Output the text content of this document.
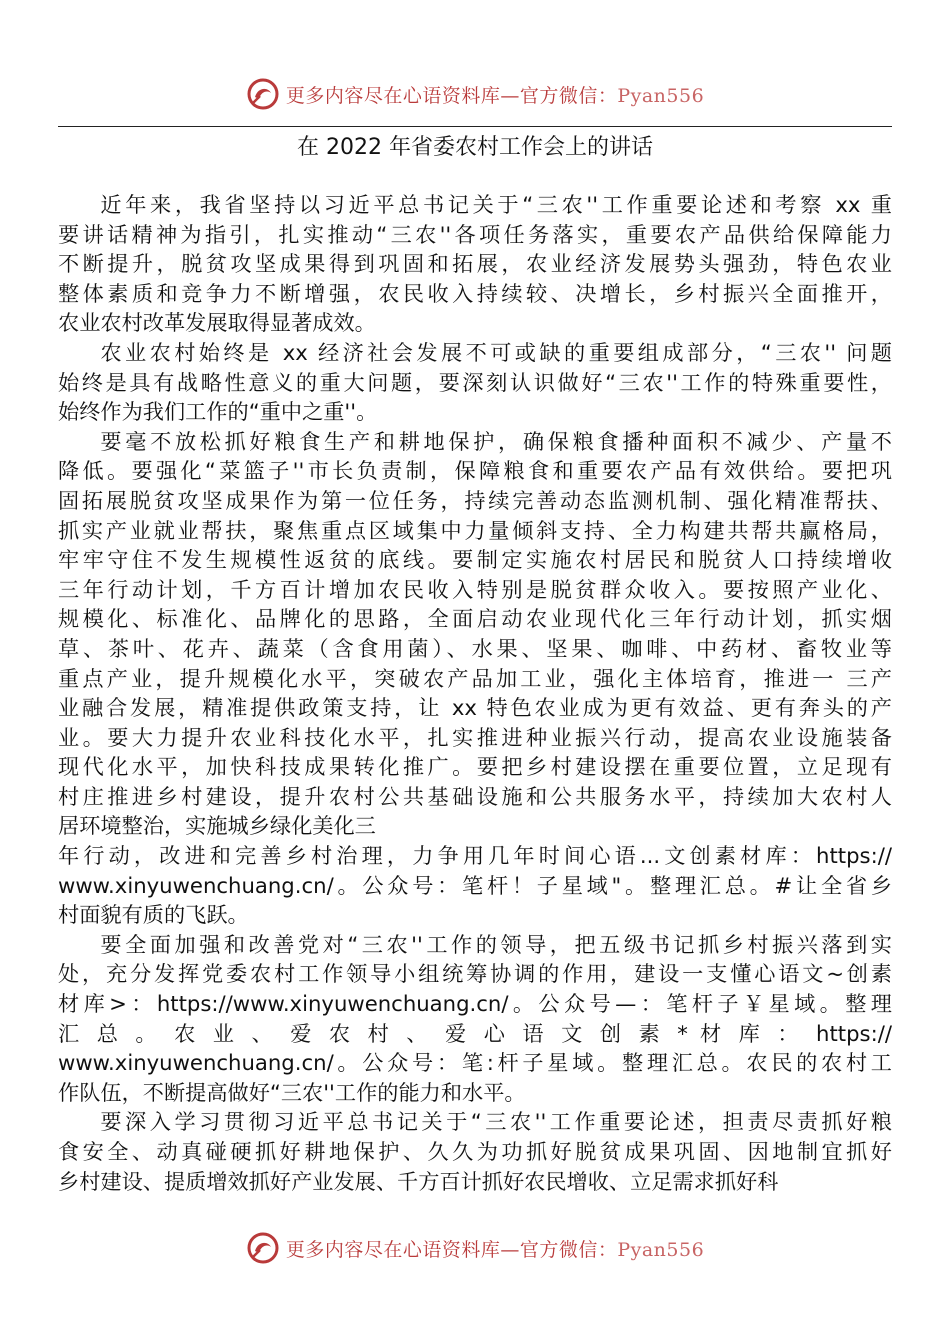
更多内容尽在心语资料库—官方微信：Pyan556
在 2022 年省委农村工作会上的讲话

近年来，我省坚持以习近平总书记关于“三农''工作重要论述和考察 xx 重
要讲话精神为指引，扎实推动“三农''各项任务落实，重要农产品供给保障能力
不断提升，脱贫攻坚成果得到巩固和拓展，农业经济发展势头强劲，特色农业
整体素质和竞争力不断增强，农民收入持续较、决增长，乡村振兴全面推开，
农业农村改革发展取得显著成效。

农业农村始终是 xx 经济社会发展不可或缺的重要组成部分，“三农'' 问题
始终是具有战略性意义的重大问题，要深刻认识做好“三农''工作的特殊重要性，
始终作为我们工作的“重中之重''。

要毫不放松抓好粮食生产和耕地保护，确保粮食播种面积不减少、产量不
降低。要强化“菜篮子''市长负责制，保障粮食和重要农产品有效供给。要把巩
固拓展脱贫攻坚成果作为第一位任务，持续完善动态监测机制、强化精准帮扶、
抓实产业就业帮扶，聚焦重点区域集中力量倾斜支持、全力构建共帮共赢格局，
牢牢守住不发生规模性返贫的底线。要制定实施农村居民和脱贫人口持续增收
三年行动计划，千方百计增加农民收入特别是脱贫群众收入。要按照产业化、
规模化、标准化、品牌化的思路，全面启动农业现代化三年行动计划，抓实烟
草、茶叶、花卉、蔬菜（含食用菌）、水果、坚果、咖啡、中药材、畜牧业等
重点产业，提升规模化水平，突破农产品加工业，强化主体培育，推进一 三产
业融合发展，精准提供政策支持，让 xx 特色农业成为更有效益、更有奔头的产
业。要大力提升农业科技化水平，扎实推进种业振兴行动，提高农业设施装备
现代化水平，加快科技成果转化推广。要把乡村建设摆在重要位置，立足现有
村庄推进乡村建设，提升农村公共基础设施和公共服务水平，持续加大农村人
居环境整治，实施城乡绿化美化三

年行动，改进和完善乡村治理，力争用几年时间心语...文创素材库：https://
www.xinyuwenchuang.cn/。公众号：笔杆！子星域"。整理汇总。#让全省乡
村面貌有质的飞跃。

要全面加强和改善党对“三农''工作的领导，把五级书记抓乡村振兴落到实
处，充分发挥党委农村工作领导小组统筹协调的作用，建设一支懂心语文~创素
材库>：https://www.xinyuwenchuang.cn/。公众号—：笔杆子￥星域。整理
汇 总 。 农 业 、 爱 农 村 、 爱 心 语 文 创 素 * 材 库 ： https://
www.xinyuwenchuang.cn/。公众号：笔:杆子星域。整理汇总。农民的农村工
作队伍，不断提高做好“三农''工作的能力和水平。

要深入学习贯彻习近平总书记关于“三农''工作重要论述，担责尽责抓好粮
食安全、动真碰硬抓好耕地保护、久久为功抓好脱贫成果巩固、因地制宜抓好
乡村建设、提质增效抓好产业发展、千方百计抓好农民增收、立足需求抓好科

更多内容尽在心语资料库—官方微信：Pyan556
